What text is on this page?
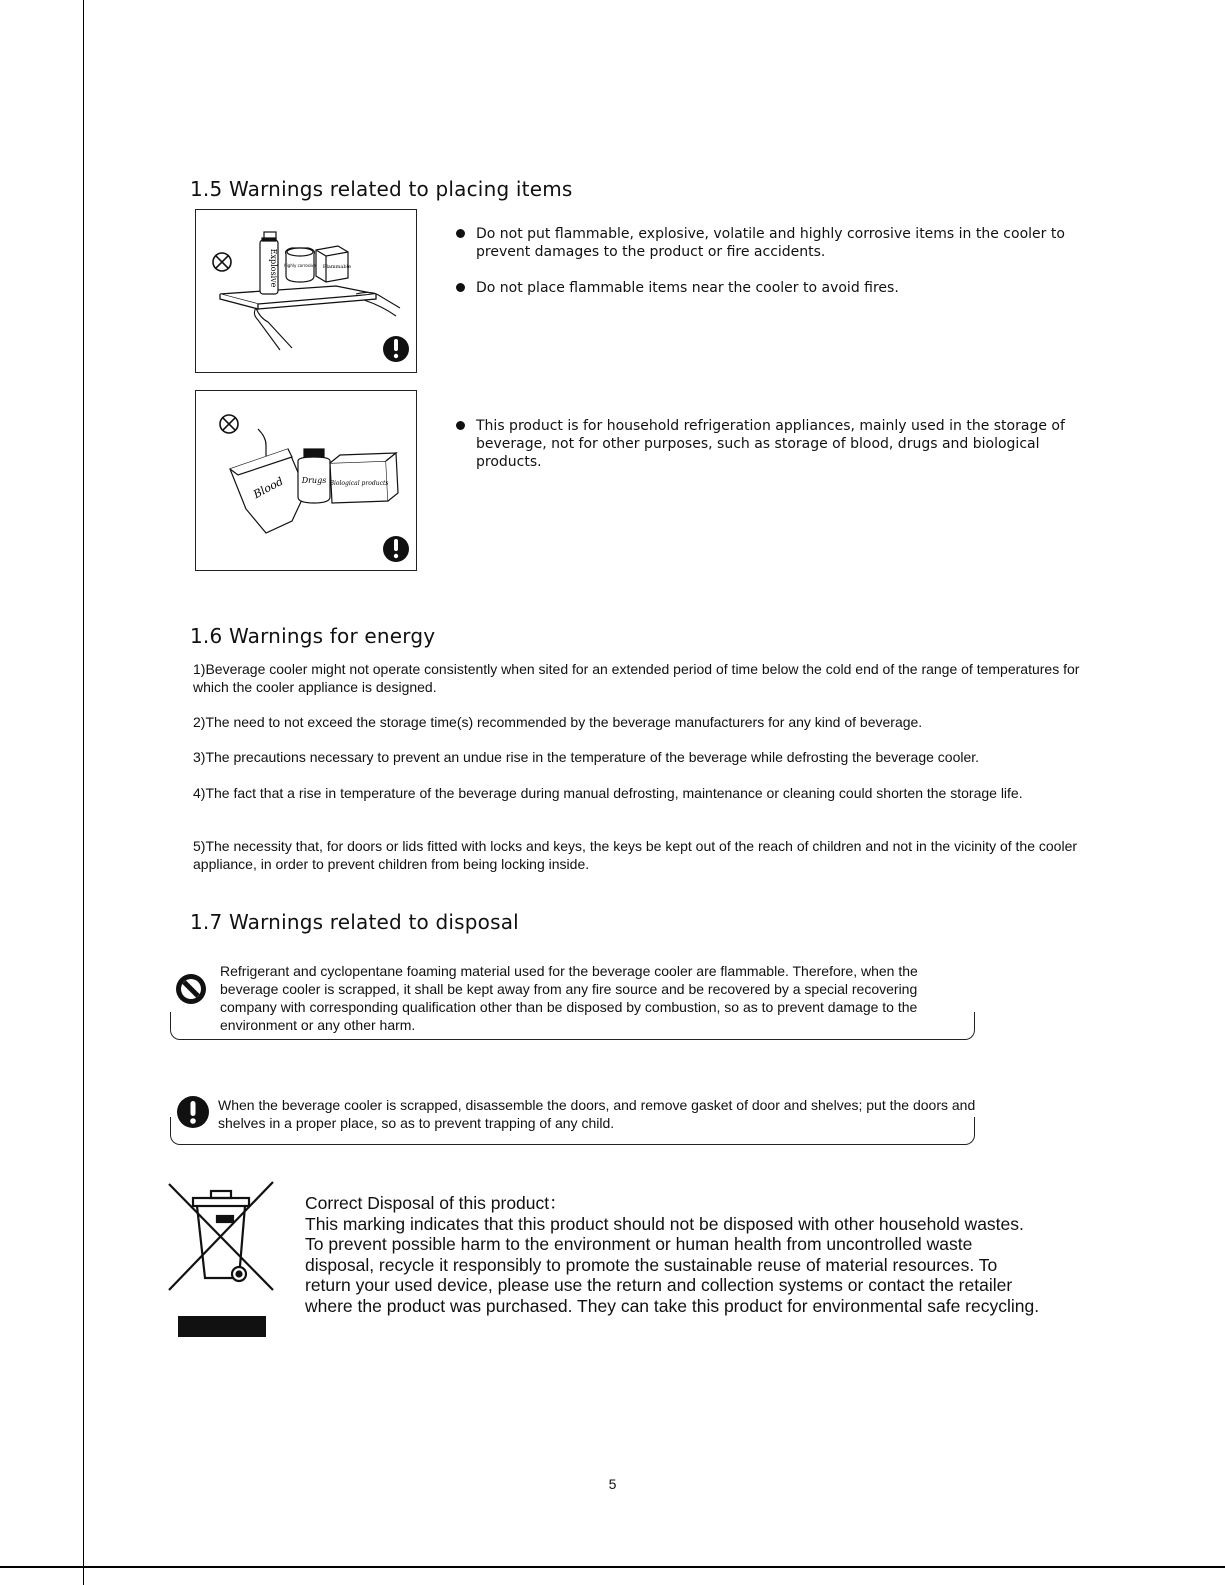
1.5 Warnings related to placing items
Explosive highly corrosive Flammable
Do not put flammable, explosive, volatile and highly corrosive items in the cooler to prevent damages to the product or fire accidents.
Do not place flammable items near the cooler to avoid fires.
Blood Drugs Biological products
This product is for household refrigeration appliances, mainly used in the storage of beverage, not for other purposes, such as storage of blood, drugs and biological products.
1.6 Warnings for energy

1)Beverage cooler might not operate consistently when sited for an extended period of time below the cold end of the range of temperatures for which the cooler appliance is designed.

2)The need to not exceed the storage time(s) recommended by the beverage manufacturers for any kind of beverage.

3)The precautions necessary to prevent an undue rise in the temperature of the beverage while defrosting the beverage cooler.

4)The fact that a rise in temperature of the beverage during manual defrosting, maintenance or cleaning could shorten the storage life.

5)The necessity that, for doors or lids fitted with locks and keys, the keys be kept out of the reach of children and not in the vicinity of the cooler appliance, in order to prevent children from being locking inside.

1.7 Warnings related to disposal

Refrigerant and cyclopentane foaming material used for the beverage cooler are flammable. Therefore, when the beverage cooler is scrapped, it shall be kept away from any fire source and be recovered by a special recovering company with corresponding qualification other than be disposed by combustion, so as to prevent damage to the environment or any other harm.

When the beverage cooler is scrapped, disassemble the doors, and remove gasket of door and shelves; put the doors and shelves in a proper place, so as to prevent trapping of any child.

Correct Disposal of this product：
This marking indicates that this product should not be disposed with other household wastes. To prevent possible harm to the environment or human health from uncontrolled waste disposal, recycle it responsibly to promote the sustainable reuse of material resources. To return your used device, please use the return and collection systems or contact the retailer where the product was purchased. They can take this product for environmental safe recycling.

5
